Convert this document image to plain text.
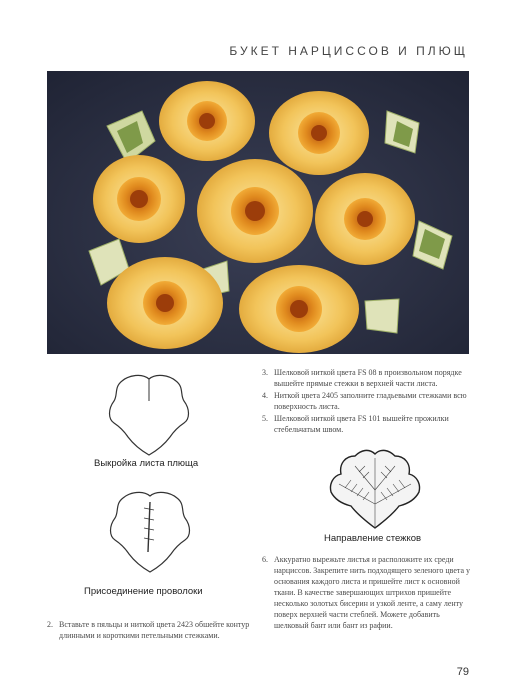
БУКЕТ НАРЦИССОВ И ПЛЮЩ
Выкройка листа плюща
Присоединение проволоки
Направление стежков
3. Шелковой ниткой цвета FS 08 в произвольном порядке вышейте прямые стежки в верхней части листа.

4. Ниткой цвета 2405 заполните гладьевыми стежками всю поверхность листа.

5. Шелковой ниткой цвета FS 101 вышейте прожилки стебельчатым швом.

2. Вставьте в пяльцы и ниткой цвета 2423 обшейте контур длинными и короткими петельными стежками.

6. Аккуратно вырежьте листья и расположите их среди нарциссов. Закрепите нить подходящего зеленого цвета у основания каждого листа и пришейте лист к основной ткани. В качестве завершающих штрихов пришейте несколько золотых бисерин и узкой ленте, а саму ленту поверх верхней части стеблей. Можете добавить шелковый бант или бант из рафии.

79
